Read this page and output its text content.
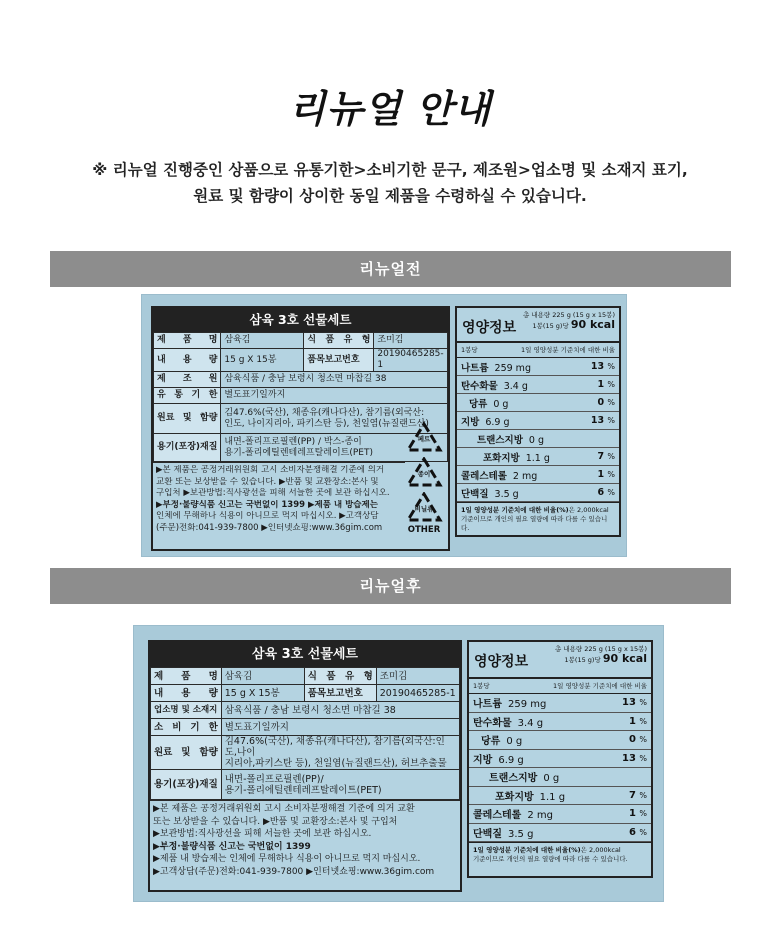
리뉴얼 안내
※ 리뉴얼 진행중인 상품으로 유통기한>소비기한 문구, 제조원>업소명 및 소재지 표기,
원료 및 함량이 상이한 동일 제품을 수령하실 수 있습니다.
리뉴얼전
삼육 3호 선물세트
제 품 명	삼육김	식 품 유 형	조미김
내 용 량	15 g X 15봉	품목보고번호	20190465285-1
제 조 원	삼육식품 / 충남 보령시 청소면 마찹길 38		
유 통 기 한	별도표기일까지		
원료 및 함량	김47.6%(국산), 채종유(캐나다산), 참기름(외국산:
인도, 나이지리아, 파키스탄 등), 천일염(뉴질랜드산)		

용기(포장)재질	내면-폴리프로필렌(PP) / 박스-종이
용기-폴리에틸렌테레프탈레이트(PET)		
▶본 제품은 공정거래위원회 고시 소비자분쟁해결 기준에 의거
교환 또는 보상받을 수 있습니다. ▶반품 및 교환장소:본사 및
구입처 ▶보관방법:직사광선을 피해 서늘한 곳에 보관 하십시오.
▶부정·불량식품 신고는 국번없이 1399 ▶제품 내 방습제는
인체에 무해하나 식용이 아니므로 먹지 마십시오. ▶고객상담
(주문)전화:041-939-7800 ▶인터넷쇼핑:www.36gim.com
페트
종이
비닐류
OTHER
영양정보
총 내용량 225 g (15 g x 15봉)
1봉(15 g)당 90 kcal
1봉당	1일 영양성분 기준치에 대한 비율
나트륨 259 mg	13 %
탄수화물 3.4 g	1 %
당류 0 g	0 %
지방 6.9 g	13 %
트랜스지방 0 g
포화지방 1.1 g	7 %
콜레스테롤 2 mg	1 %
단백질 3.5 g	6 %
1일 영양성분 기준치에 대한 비율(%)은 2,000kcal
기준이므로 개인의 필요 열량에 따라 다를 수 있습니다.
리뉴얼후
삼육 3호 선물세트
제 품 명	삼육김	식 품 유 형	조미김
내 용 량	15 g X 15봉	품목보고번호	20190465285-1
업소명 및 소재지	삼육식품 / 충남 보령시 청소면 마찹길 38		
소 비 기 한	별도표기일까지		
원료 및 함량	김47.6%(국산), 채종유(캐나다산), 참기름(외국산:인도,나이
지리아,파키스탄 등), 천일염(뉴질랜드산), 허브추출물		

용기(포장)재질	내면-폴리프로필렌(PP)/
용기-폴리에틸렌테레프탈레이트(PET)		
▶본 제품은 공정거래위원회 고시 소비자분쟁해결 기준에 의거 교환
또는 보상받을 수 있습니다. ▶반품 및 교환장소:본사 및 구입처
▶보관방법:직사광선을 피해 서늘한 곳에 보관 하십시오.
▶부정·불량식품 신고는 국번없이 1399
▶제품 내 방습제는 인체에 무해하나 식용이 아니므로 먹지 마십시오.
▶고객상담(주문)전화:041-939-7800 ▶인터넷쇼핑:www.36gim.com
영양정보
총 내용량 225 g (15 g x 15봉)
1봉(15 g)당 90 kcal
1봉당	1일 영양성분 기준치에 대한 비율
나트륨 259 mg	13 %
탄수화물 3.4 g	1 %
당류 0 g	0 %
지방 6.9 g	13 %
트랜스지방 0 g
포화지방 1.1 g	7 %
콜레스테롤 2 mg	1 %
단백질 3.5 g	6 %
1일 영양성분 기준치에 대한 비율(%)은 2,000kcal
기준이므로 개인의 필요 열량에 따라 다를 수 있습니다.
